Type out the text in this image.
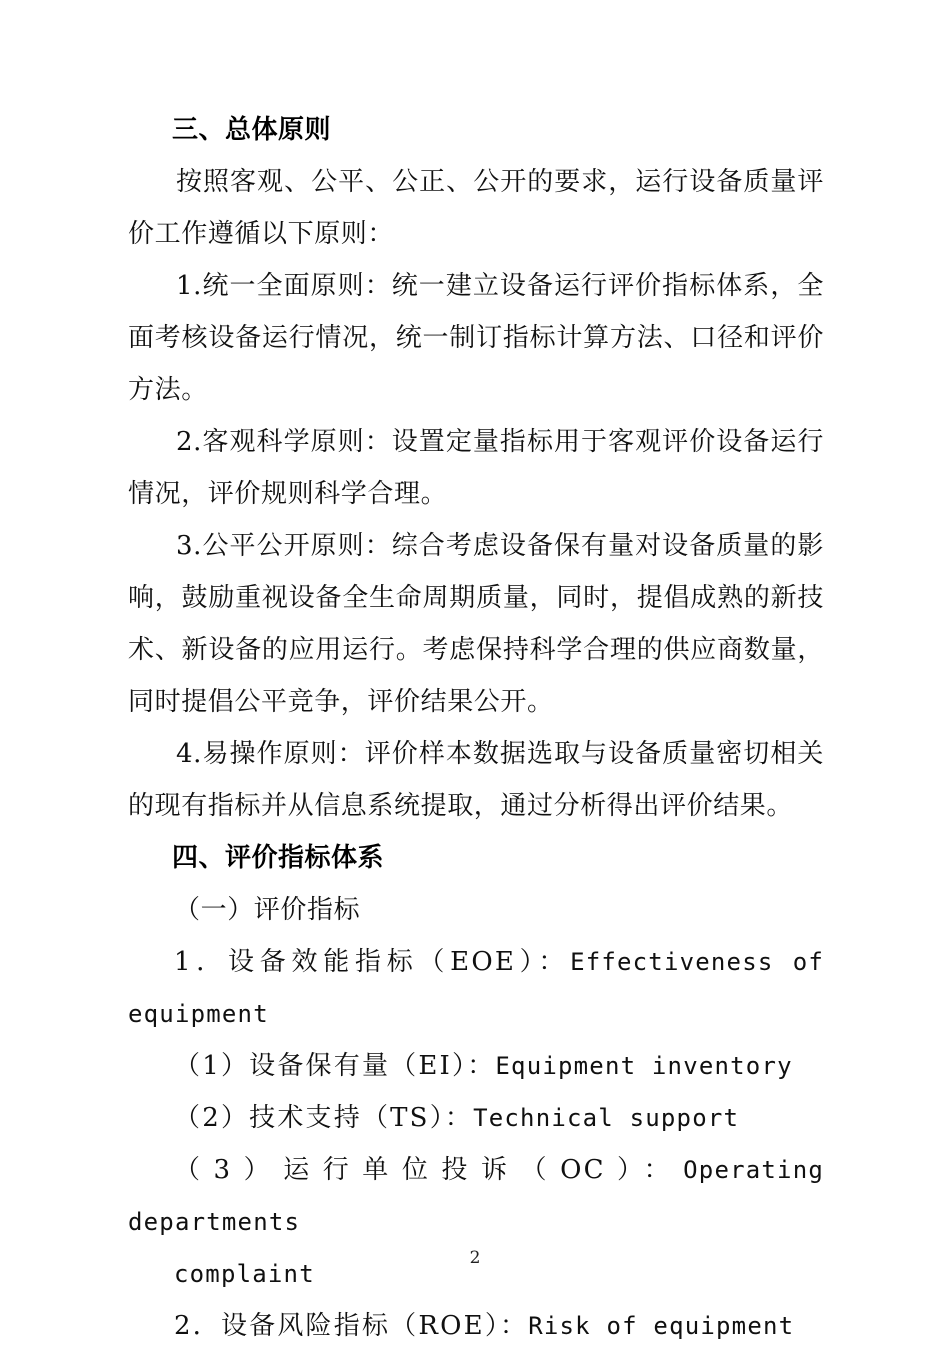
三、总体原则

按照客观、公平、公正、公开的要求，运行设备质量评价工作遵循以下原则：

1.统一全面原则：统一建立设备运行评价指标体系，全面考核设备运行情况，统一制订指标计算方法、口径和评价方法。

2.客观科学原则：设置定量指标用于客观评价设备运行情况，评价规则科学合理。

3.公平公开原则：综合考虑设备保有量对设备质量的影响，鼓励重视设备全生命周期质量，同时，提倡成熟的新技术、新设备的应用运行。考虑保持科学合理的供应商数量，同时提倡公平竞争，评价结果公开。

4.易操作原则：评价样本数据选取与设备质量密切相关的现有指标并从信息系统提取，通过分析得出评价结果。

四、评价指标体系

（一）评价指标

1．设备效能指标（EOE）：Effectiveness of equipment

（1）设备保有量（EI）：Equipment inventory

（2）技术支持（TS）：Technical support

（3）运行单位投诉（OC）：Operating departments

complaint

2．设备风险指标（ROE）：Risk of equipment

2
